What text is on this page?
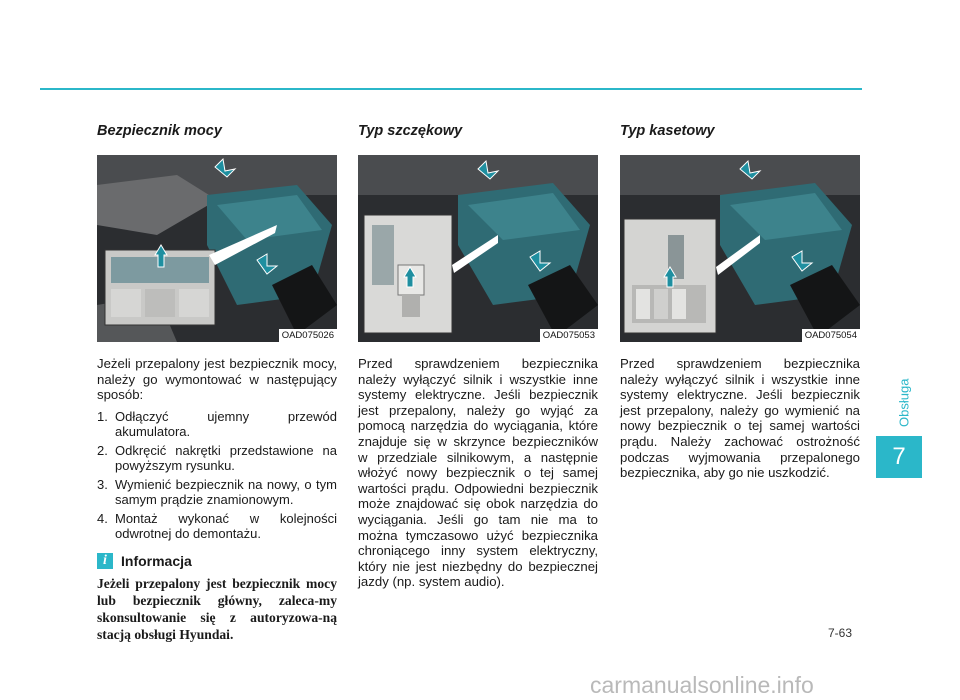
Bezpiecznik mocy
OAD075026
Jeżeli przepalony jest bezpiecznik mocy, należy go wymontować w następujący sposób:
1. Odłączyć ujemny przewód akumulatora.
2. Odkręcić nakrętki przedstawione na powyższym rysunku.
3. Wymienić bezpiecznik na nowy, o tym samym prądzie znamionowym.
4. Montaż wykonać w kolejności odwrotnej do demontażu.
i	Informacja
Jeżeli przepalony jest bezpiecznik mocy lub bezpiecznik główny, zaleca-my skonsultowanie się z autoryzowa-ną stacją obsługi Hyundai.
Typ szczękowy
OAD075053
Przed sprawdzeniem bezpiecznika należy wyłączyć silnik i wszystkie inne systemy elektryczne. Jeśli bezpiecznik jest przepalony, należy go wyjąć za pomocą narzędzia do wyciągania, które znajduje się w skrzynce bezpieczników w przedziale silnikowym, a następnie włożyć nowy bezpiecznik o tej samej wartości prądu. Odpowiedni bezpiecznik może znajdować się obok narzędzia do wyciągania. Jeśli go tam nie ma to można tymczasowo użyć bezpiecznika chroniącego inny system elektryczny, który nie jest niezbędny do bezpiecznej jazdy (np. system audio).
Typ kasetowy
OAD075054
Przed sprawdzeniem bezpiecznika należy wyłączyć silnik i wszystkie inne systemy elektryczne. Jeśli bezpiecznik jest przepalony, należy go wymienić na nowy bezpiecznik o tej samej wartości prądu. Należy zachować ostrożność podczas wyjmowania przepalonego bezpiecznika, aby go nie uszkodzić.
Obsługa
7
7-63
carmanualsonline.info
